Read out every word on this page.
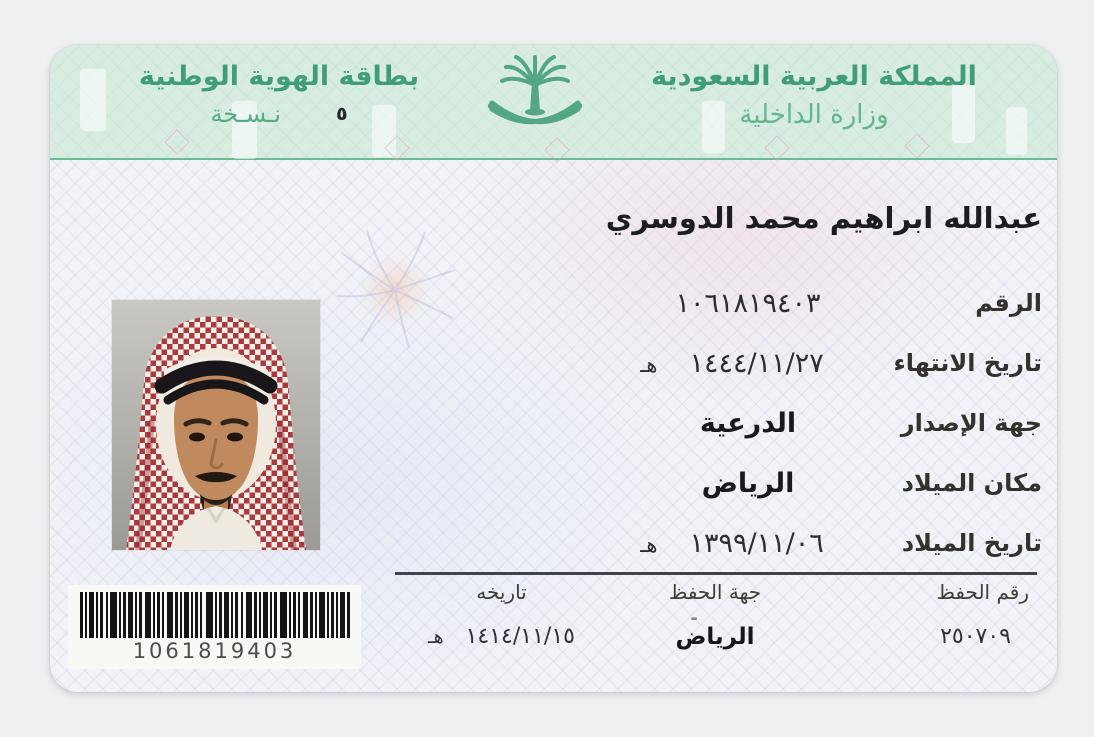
المملكة العربية السعودية
وزارة الداخلية
بطاقة الهوية الوطنية
٥
نـسـخة
عبدالله ابراهيم محمد الدوسري
الرقم
١٠٦١٨١٩٤٠٣
تاريخ الانتهاء
١٤٤٤/١١/٢٧هـ
جهة الإصدار
الدرعية
مكان الميلاد
الرياض
تاريخ الميلاد
١٣٩٩/١١/٠٦هـ
رقم الحفظ
جهة الحفظ
تاريخه
٢٥٠٧٠٩
-
الرياض
١٤١٤/١١/١٥هـ
1061819403
